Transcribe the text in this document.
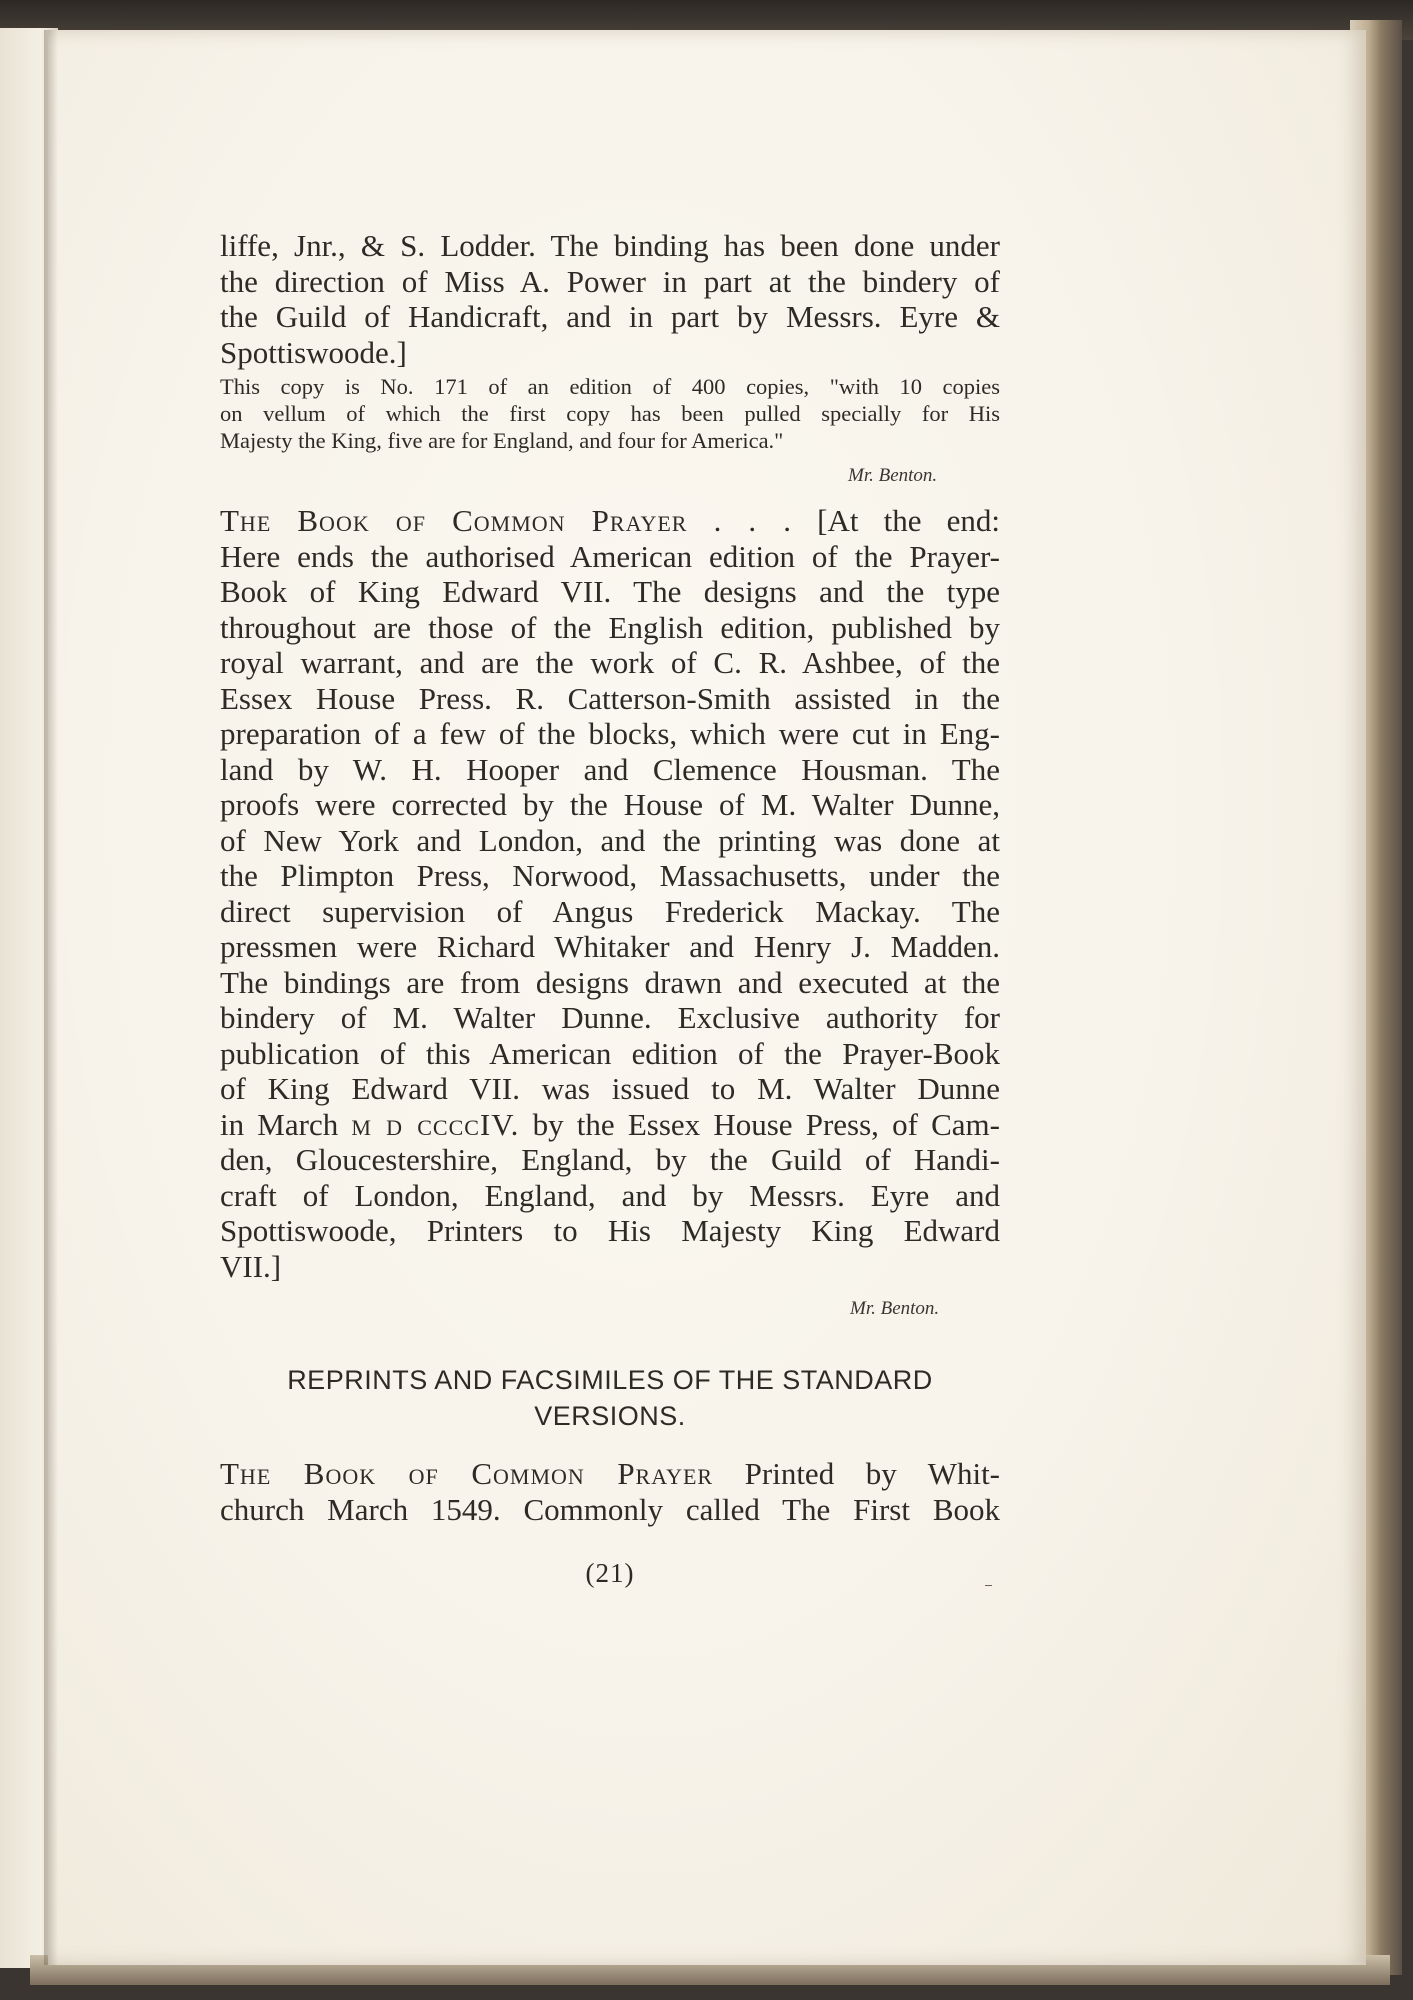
liffe, Jnr., & S. Lodder. The binding has been done under
the direction of Miss A. Power in part at the bindery of
the Guild of Handicraft, and in part by Messrs. Eyre &
Spottiswoode.]
This copy is No. 171 of an edition of 400 copies, "with 10 copies
on vellum of which the first copy has been pulled specially for His
Majesty the King, five are for England, and four for America."
Mr. Benton.
The Book of Common Prayer . . . [At the end:
Here ends the authorised American edition of the Prayer-
Book of King Edward VII. The designs and the type
throughout are those of the English edition, published by
royal warrant, and are the work of C. R. Ashbee, of the
Essex House Press. R. Catterson-Smith assisted in the
preparation of a few of the blocks, which were cut in Eng-
land by W. H. Hooper and Clemence Housman. The
proofs were corrected by the House of M. Walter Dunne,
of New York and London, and the printing was done at
the Plimpton Press, Norwood, Massachusetts, under the
direct supervision of Angus Frederick Mackay. The
pressmen were Richard Whitaker and Henry J. Madden.
The bindings are from designs drawn and executed at the
bindery of M. Walter Dunne. Exclusive authority for
publication of this American edition of the Prayer-Book
of King Edward VII. was issued to M. Walter Dunne
in March m d ccccIV. by the Essex House Press, of Cam-
den, Gloucestershire, England, by the Guild of Handi-
craft of London, England, and by Messrs. Eyre and
Spottiswoode, Printers to His Majesty King Edward
VII.]
Mr. Benton.
REPRINTS AND FACSIMILES OF THE STANDARD
VERSIONS.
The Book of Common Prayer Printed by Whit-
church March 1549. Commonly called The First Book
(21)
